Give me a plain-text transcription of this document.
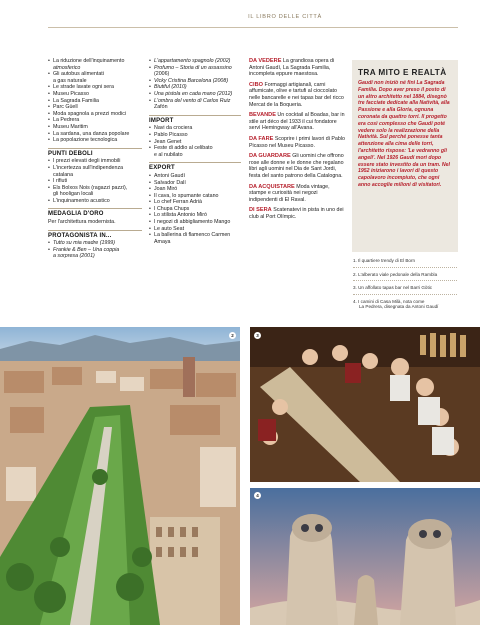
IL LIBRO DELLE CITTÀ
• La riduzione dell'inquinamento
atmosferico
• Gli autobus alimentati
a gas naturale
• Le strade lavate ogni sera
• Museu Picasso
• La Sagrada Familia
• Parc Güell
• Moda spagnola a prezzi modici
• La Pedrera
• Museu Maritim
• La sardana, una danza popolare
• La popolazione tecnologica
PUNTI DEBOLI
• I prezzi elevati degli immobili
• L'incertezza sull'indipendenza
catalana
• I rifiuti
• Els Bolxos Nois (ragazzi pazzi),
gli hooligan locali
• L'inquinamento acustico
MEDAGLIA D'ORO
Per l'architettura modernista.
PROTAGONISTA IN...
• Tutto su mia madre (1999)
• Frankie & Ben – Una coppia
a sorpresa (2001)
• L'appartamento spagnolo (2002)
• Profumo – Storia di un assassino
(2006)
• Vicky Cristina Barcelona (2008)
• Biutiful (2010)
• Una pistola en cada mano (2012)
• L'ombra del vento di Carlos Ruiz
Zafón
IMPORT
• Navi da crociera
• Pablo Picasso
• Jean Genet
• Feste di addio al celibato
e al nubilato
EXPORT
• Antoni Gaudí
• Salvador Dalí
• Joan Miró
• Il cava, lo spumante catano
• Lo chef Ferran Adrià
• I Chupa Chups
• Lo stilista Antonio Miró
• I negozi di abbigliamento Mango
• Le auto Seat
• La ballerina di flamenco Carmen
Amaya
DA VEDERE La grandiosa opera di Antoni Gaudí, La Sagrada Familia, incompleta eppure maestosa.
CIBO Formaggi artigianali, carni affumicate, olive e tartufi al cioccolato nelle bancarelle e nei tapas bar del ricco Mercat de la Boqueria.
BEVANDE Un cocktail al Boadas, bar in stile art déco del 1933 il cui fondatore servì Hemingway all'Avana.
DA FARE Scoprire i primi lavori di Pablo Picasso nel Museu Picasso.
DA GUARDARE Gli uomini che offrono rose alle donne e le donne che regalano libri agli uomini nel Dia de Sant Jordi, festa del santo patrono della Catalogna.
DA ACQUISTARE Moda vintage, stampe e curiosità nei negozi indipendenti di El Raval.
DI SERA Scatenatevi in pista in uno dei club al Port Olímpic.
TRA MITO E REALTÀ
Gaudí non iniziò né finì La Sagrada Familia. Dopo aver preso il posto di un altro architetto nel 1884, disegnò tre facciate dedicate alla Natività, alla Passione e alla Gloria, ognuna coronata da quattro torri. Il progetto era così complesso che Gaudí poté vedere solo la realizzazione della Natività. Sul perché ponesse tanta attenzione alla cima delle torri, l'architetto rispose: 'Le vedranno gli angeli'. Nel 1926 Gaudí morì dopo essere stato investito da un tram. Nel 1952 iniziarono i lavori di questo capolavoro incompiuto, che ogni anno accoglie milioni di visitatori.
1. Il quartiere trendy di El Born
2. L'alberato viale pedonale della Rambla
3. Un affollato tapas bar nel Barri Gòtic
4. I camini di Casa Milà, nota come
La Pedrera, disegnata da Antoni Gaudí
2	3
4
